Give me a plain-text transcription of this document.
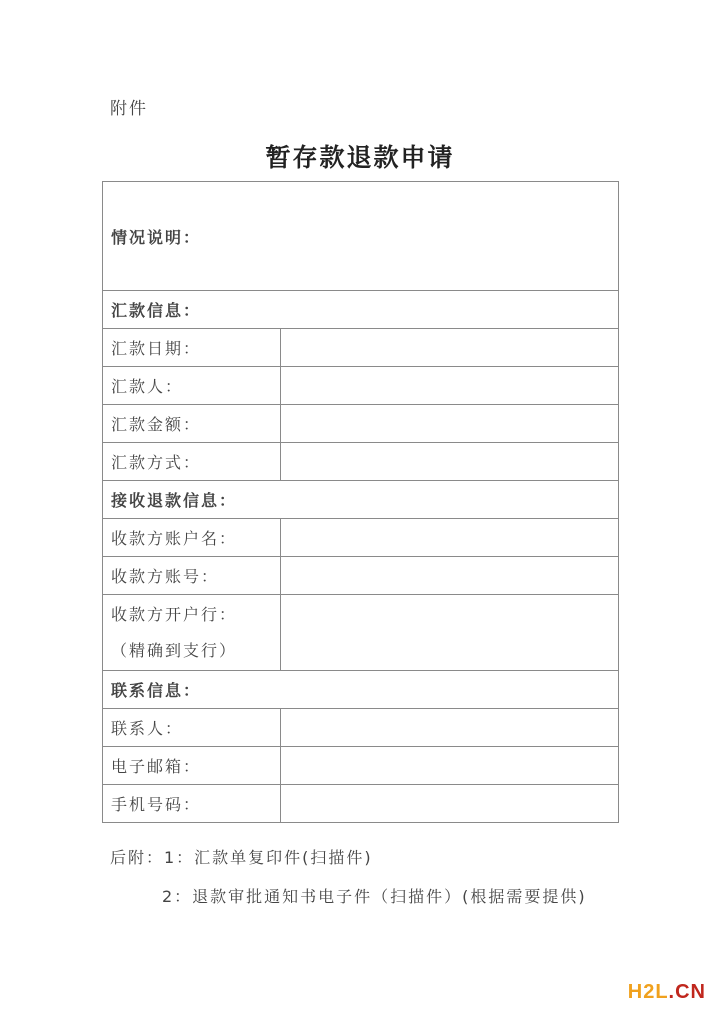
附件
暂存款退款申请
情况说明：	
汇款信息：	
汇款日期：	
汇款人：	
汇款金额：	
汇款方式：	
接收退款信息：	
收款方账户名：	
收款方账号：	

收款方开户行：
（精确到支行）	

联系信息：	
联系人：	
电子邮箱：	
手机号码：	
后附：1：汇款单复印件(扫描件)
2：退款审批通知书电子件（扫描件）(根据需要提供)
H2L.CN
